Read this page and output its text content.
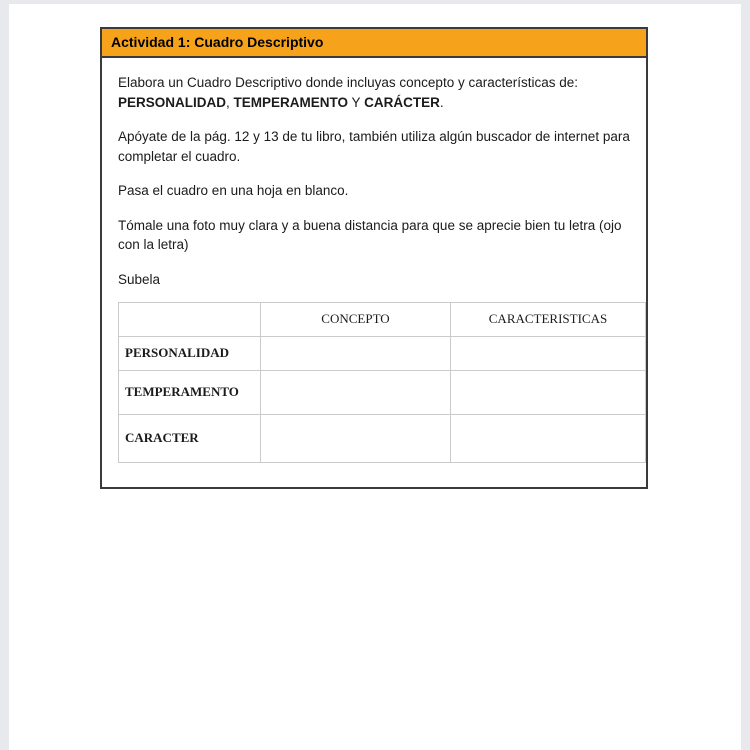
Actividad 1: Cuadro Descriptivo

Elabora un Cuadro Descriptivo donde incluyas concepto y características de: PERSONALIDAD, TEMPERAMENTO Y CARÁCTER.

Apóyate de la pág. 12 y 13 de tu libro, también utiliza algún buscador de internet para completar el cuadro.

Pasa el cuadro en una hoja en blanco.

Tómale una foto muy clara y a buena distancia para que se aprecie bien tu letra (ojo con la letra)

Subela

	CONCEPTO	CARACTERISTICAS
PERSONALIDAD		
TEMPERAMENTO		
CARACTER		
